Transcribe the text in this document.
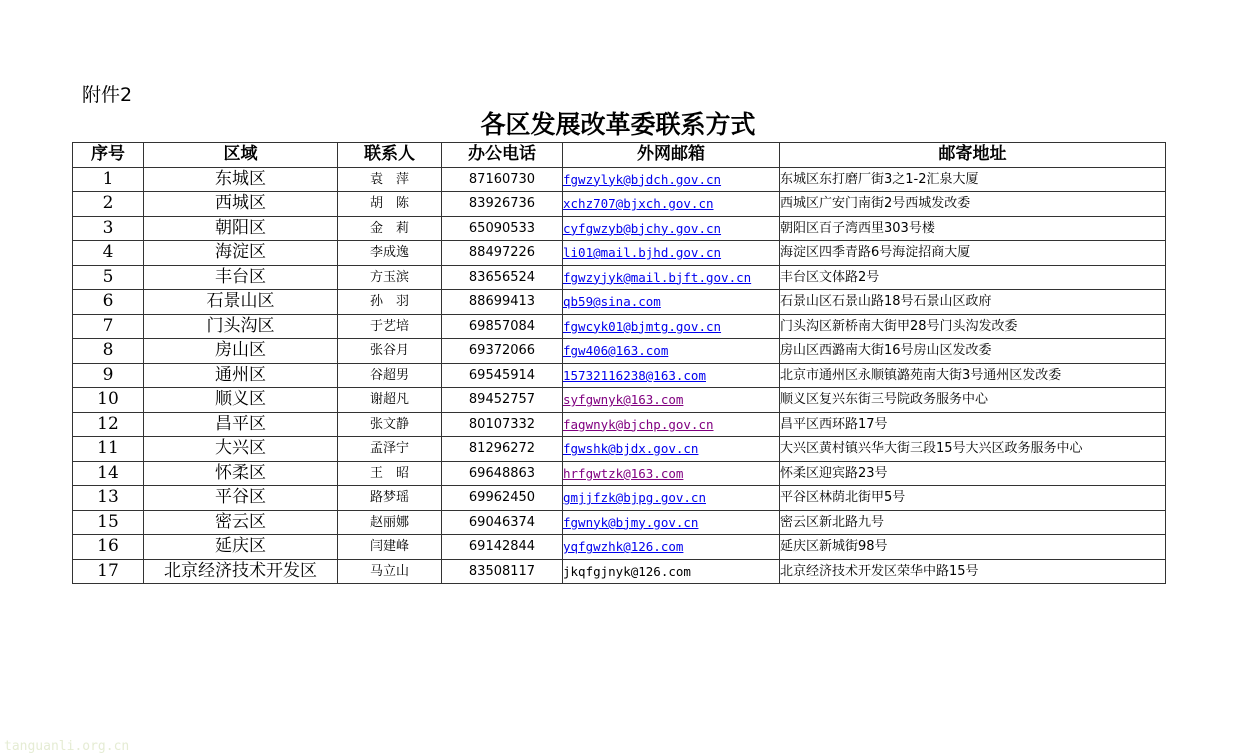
附件2
各区发展改革委联系方式
序号	区域	联系人	办公电话	外网邮箱	邮寄地址
1	东城区	袁　萍	87160730	fgwzylyk@bjdch.gov.cn	东城区东打磨厂街3之1-2汇泉大厦
2	西城区	胡　陈	83926736	xchz707@bjxch.gov.cn	西城区广安门南街2号西城发改委
3	朝阳区	金　莉	65090533	cyfgwzyb@bjchy.gov.cn	朝阳区百子湾西里303号楼
4	海淀区	李成逸	88497226	li01@mail.bjhd.gov.cn	海淀区四季青路6号海淀招商大厦
5	丰台区	方玉滨	83656524	fgwzyjyk@mail.bjft.gov.cn	丰台区文体路2号
6	石景山区	孙　羽	88699413	qb59@sina.com	石景山区石景山路18号石景山区政府
7	门头沟区	于艺培	69857084	fgwcyk01@bjmtg.gov.cn	门头沟区新桥南大街甲28号门头沟发改委
8	房山区	张谷月	69372066	fgw406@163.com	房山区西潞南大街16号房山区发改委
9	通州区	谷超男	69545914	15732116238@163.com	北京市通州区永顺镇潞苑南大街3号通州区发改委
10	顺义区	谢超凡	89452757	syfgwnyk@163.com	顺义区复兴东街三号院政务服务中心
12	昌平区	张文静	80107332	fagwnyk@bjchp.gov.cn	昌平区西环路17号
11	大兴区	孟泽宁	81296272	fgwshk@bjdx.gov.cn	大兴区黄村镇兴华大街三段15号大兴区政务服务中心
14	怀柔区	王　昭	69648863	hrfgwtzk@163.com	怀柔区迎宾路23号
13	平谷区	路梦瑶	69962450	gmjjfzk@bjpg.gov.cn	平谷区林荫北街甲5号
15	密云区	赵丽娜	69046374	fgwnyk@bjmy.gov.cn	密云区新北路九号
16	延庆区	闫建峰	69142844	yqfgwzhk@126.com	延庆区新城街98号
17	北京经济技术开发区	马立山	83508117	jkqfgjnyk@126.com	北京经济技术开发区荣华中路15号
tanguanli.org.cn
